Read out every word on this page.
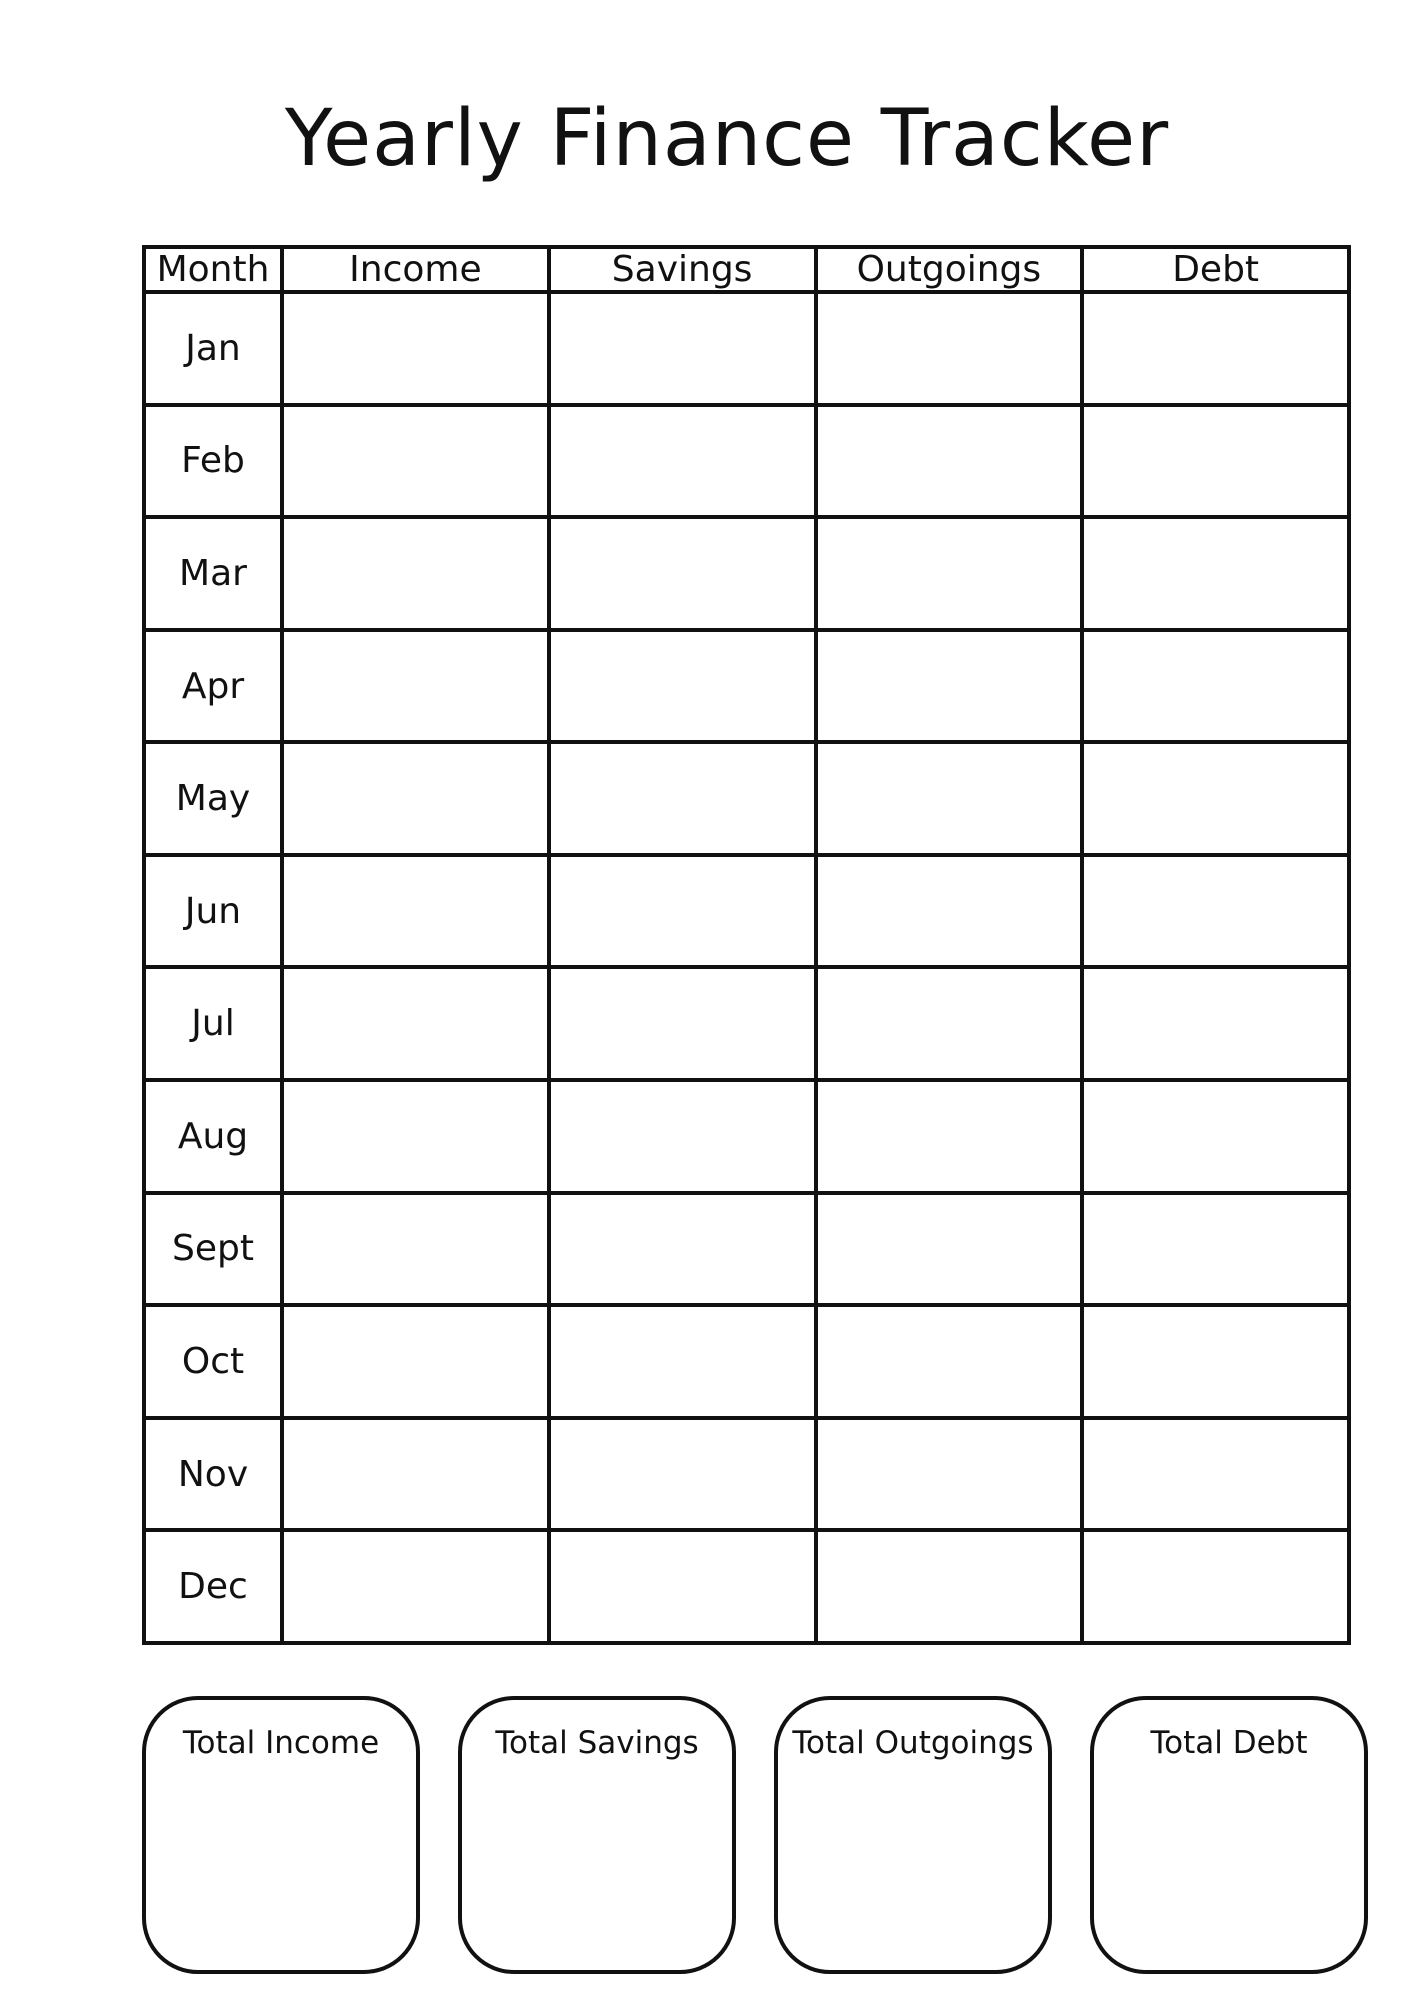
Yearly Finance Tracker
Month	Income	Savings	Outgoings	Debt
Jan				
Feb				
Mar				
Apr				
May				
Jun				
Jul				
Aug				
Sept				
Oct				
Nov				
Dec				
Total Income	Total Savings	Total Outgoings	Total Debt
